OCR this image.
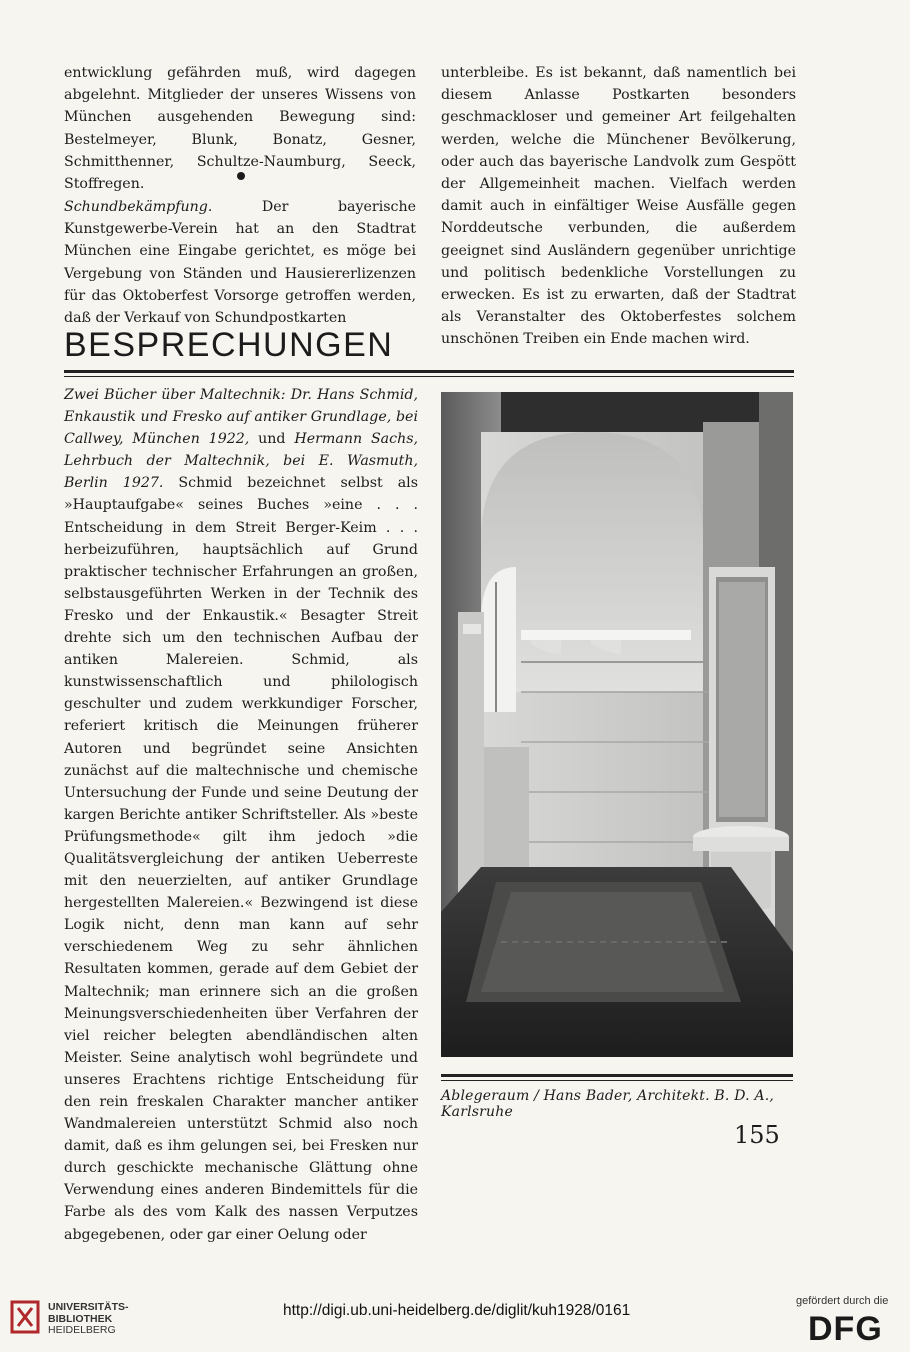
entwicklung gefährden muß, wird dagegen abgelehnt. Mitglieder der unseres Wissens von München ausgehenden Bewegung sind: Bestelmeyer, Blunk, Bonatz, Gesner, Schmitthenner, Schultze-Naumburg, Seeck, Stoffregen.

Schundbekämpfung.	Der bayerische Kunstgewerbe-Verein hat an den Stadtrat München eine Eingabe gerichtet, es möge bei Vergebung von Ständen und Hausiererlizenzen für das Oktoberfest Vorsorge getroffen werden, daß der Verkauf von Schundpostkarten

unterbleibe. Es ist bekannt, daß namentlich bei diesem Anlasse Postkarten besonders geschmackloser und gemeiner Art feilgehalten werden, welche die Münchener Bevölkerung, oder auch das bayerische Landvolk zum Gespött der Allgemeinheit machen. Vielfach werden damit auch in einfältiger Weise Ausfälle gegen Norddeutsche verbunden, die außerdem geeignet sind Ausländern gegenüber unrichtige und politisch bedenkliche Vorstellungen zu erwecken. Es ist zu erwarten, daß der Stadtrat als Veranstalter des Oktoberfestes solchem unschönen Treiben ein Ende machen wird.

BESPRECHUNGEN

Zwei Bücher über Maltechnik: Dr. Hans Schmid, Enkaustik und Fresko auf antiker Grundlage, bei Callwey, München 1922, und Hermann Sachs, Lehrbuch der Maltechnik, bei E. Wasmuth, Berlin 1927. Schmid bezeichnet selbst als »Hauptaufgabe« seines Buches »eine . . . Entscheidung in dem Streit Berger-Keim . . . herbeizuführen, hauptsächlich auf Grund praktischer technischer Erfahrungen an großen, selbstausgeführten Werken in der Technik des Fresko und der Enkaustik.« Besagter Streit drehte sich um den technischen Aufbau der antiken Malereien. Schmid, als kunstwissenschaftlich und philologisch geschulter und zudem werkkundiger Forscher, referiert kritisch die Meinungen früherer Autoren und begründet seine Ansichten zunächst auf die maltechnische und chemische Untersuchung der Funde und seine Deutung der kargen Berichte antiker Schriftsteller. Als »beste Prüfungsmethode« gilt ihm jedoch »die Qualitätsvergleichung der antiken Ueberreste mit den neuerzielten, auf antiker Grundlage hergestellten Malereien.« Bezwingend ist diese Logik nicht, denn man kann auf sehr verschiedenem Weg zu sehr ähnlichen Resultaten kommen, gerade auf dem Gebiet der Maltechnik; man erinnere sich an die großen Meinungsverschiedenheiten über Verfahren der viel reicher belegten abendländischen alten Meister. Seine analytisch wohl begründete und unseres Erachtens richtige Entscheidung für den rein freskalen Charakter mancher antiker Wandmalereien unterstützt Schmid also noch damit, daß es ihm gelungen sei, bei Fresken nur durch geschickte mechanische Glättung ohne Verwendung eines anderen Bindemittels für die Farbe als des vom Kalk des nassen Verputzes abgegebenen, oder gar einer Oelung oder

Ablegeraum / Hans Bader, Architekt. B. D. A., Karlsruhe
155
UNIVERSITÄTS-
BIBLIOTHEK
HEIDELBERG
http://digi.ub.uni-heidelberg.de/diglit/kuh1928/0161
gefördert durch die
DFG
